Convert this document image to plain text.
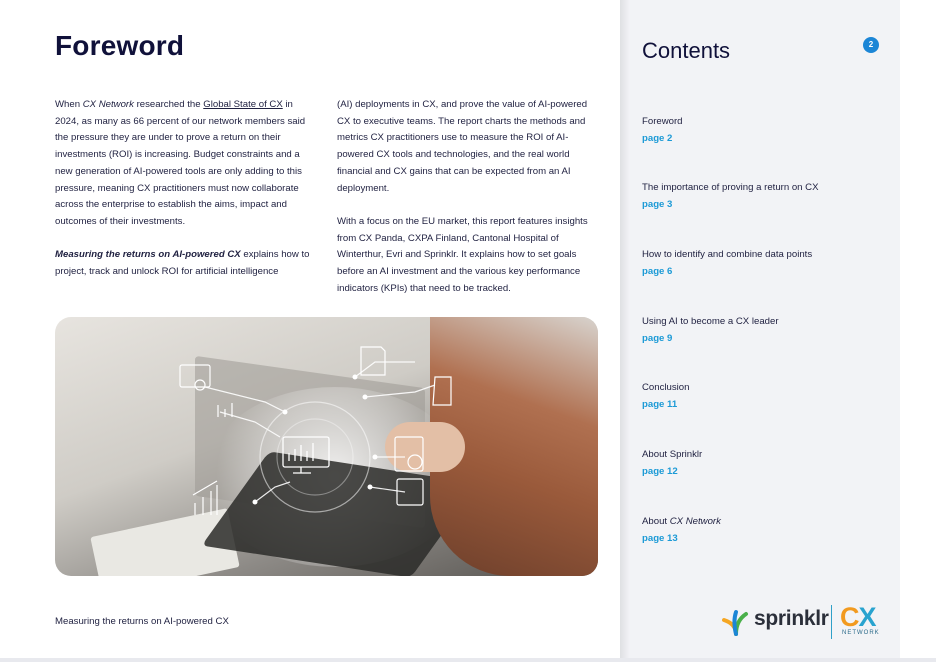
Foreword

When CX Network researched the Global State of CX in 2024, as many as 66 percent of our network members said the pressure they are under to prove a return on their investments (ROI) is increasing. Budget constraints and a new generation of AI-powered tools are only adding to this pressure, meaning CX practitioners must now collaborate across the enterprise to establish the aims, impact and outcomes of their investments.

Measuring the returns on AI-powered CX explains how to project, track and unlock ROI for artificial intelligence

(AI) deployments in CX, and prove the value of AI-powered CX to executive teams. The report charts the methods and metrics CX practitioners use to measure the ROI of AI-powered CX tools and technologies, and the real world financial and CX gains that can be expected from an AI deployment.

With a focus on the EU market, this report features insights from CX Panda, CXPA Finland, Cantonal Hospital of Winterthur, Evri and Sprinklr. It explains how to set goals before an AI investment and the various key performance indicators (KPIs) that need to be tracked.

Measuring the returns on AI-powered CX
Contents	2
Foreword
page 2
The importance of proving a return on CX
page 3
How to identify and combine data points
page 6
Using AI to become a CX leader
page 9
Conclusion
page 11
About Sprinklr
page 12
About CX Network
page 13
sprinklr CX
NETWORK
